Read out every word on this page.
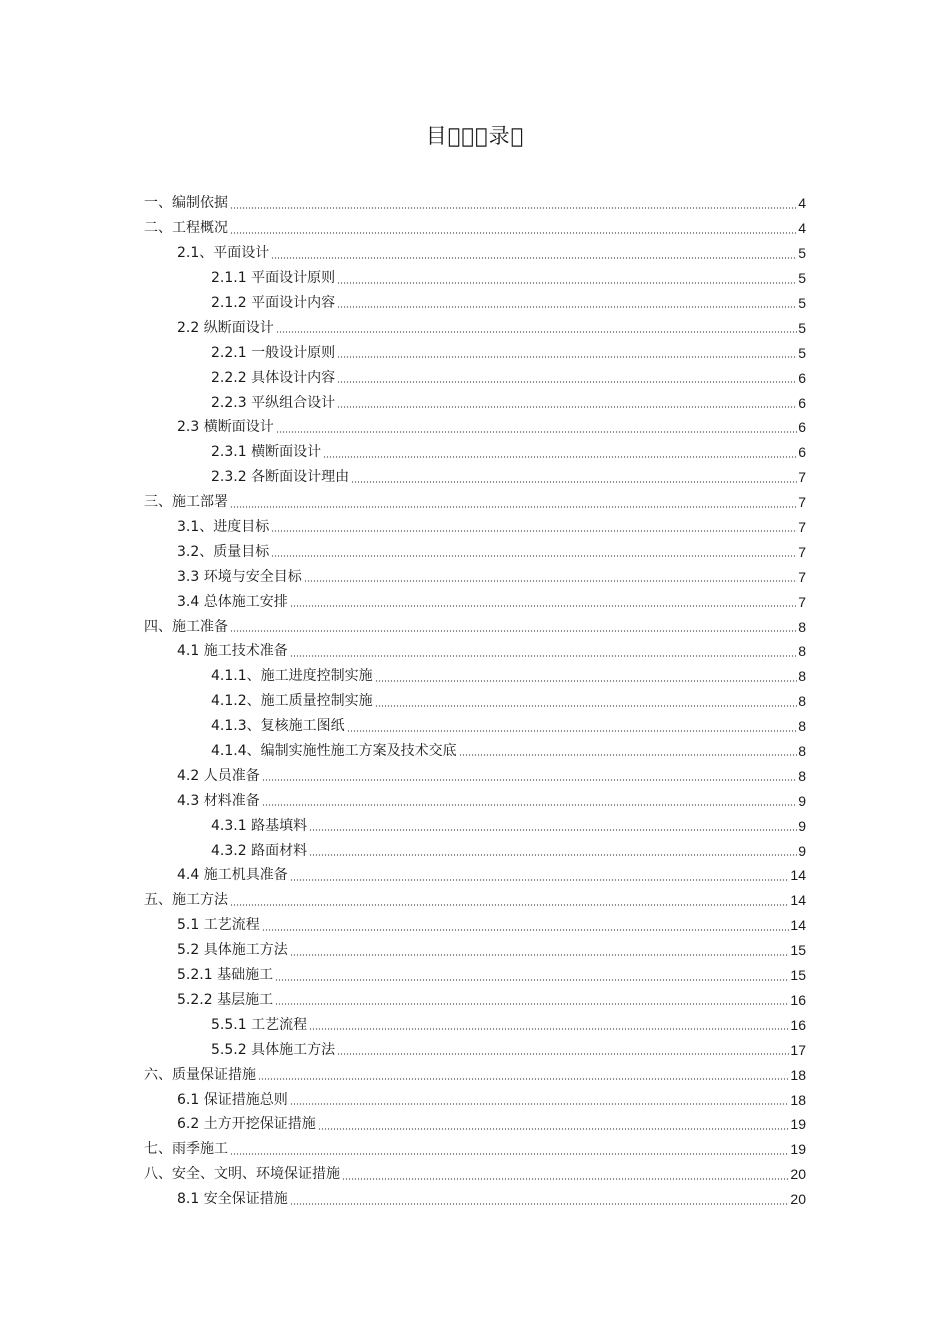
目   录 
一、编制依据	4
二、工程概况	4
2.1、平面设计	5
2.1.1 平面设计原则	5
2.1.2 平面设计内容	5
2.2 纵断面设计	5
2.2.1 一般设计原则	5
2.2.2 具体设计内容	6
2.2.3 平纵组合设计	6
2.3 横断面设计	6
2.3.1 横断面设计	6
2.3.2 各断面设计理由	7
三、施工部署	7
3.1、进度目标	7
3.2、质量目标	7
3.3 环境与安全目标	7
3.4 总体施工安排	7
四、施工准备	8
4.1 施工技术准备	8
4.1.1、施工进度控制实施	8
4.1.2、施工质量控制实施	8
4.1.3、复核施工图纸	8
4.1.4、编制实施性施工方案及技术交底	8
4.2 人员准备	8
4.3 材料准备	9
4.3.1 路基填料	9
4.3.2 路面材料	9
4.4 施工机具准备	14
五、施工方法	14
5.1 工艺流程	14
5.2 具体施工方法	15
5.2.1 基础施工	15
5.2.2 基层施工	16
5.5.1 工艺流程	16
5.5.2 具体施工方法	17
六、质量保证措施	18
6.1 保证措施总则	18
6.2 土方开挖保证措施	19
七、雨季施工	19
八、安全、文明、环境保证措施	20
8.1 安全保证措施	20
